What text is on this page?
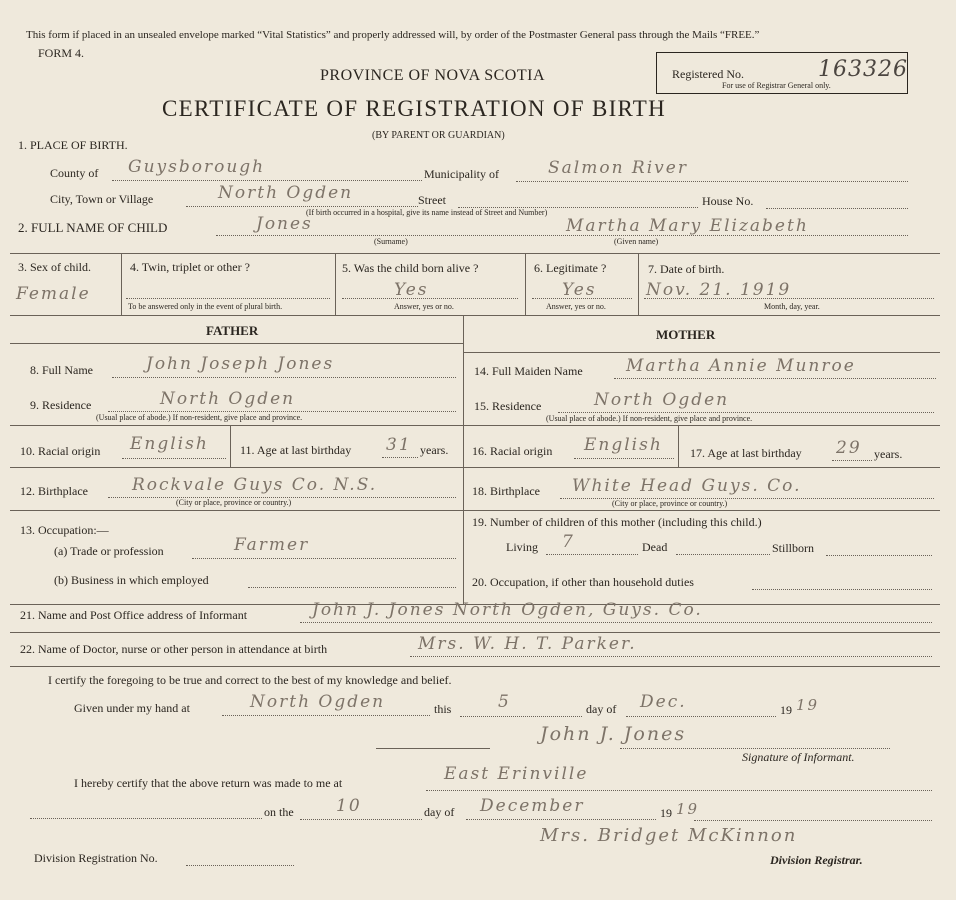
This form if placed in an unsealed envelope marked “Vital Statistics” and properly addressed will, by order of the Postmaster General pass through the Mails “FREE.”
FORM 4.
PROVINCE OF NOVA SCOTIA
CERTIFICATE OF REGISTRATION OF BIRTH
(BY PARENT OR GUARDIAN)
Registered No.	163326
For use of Registrar General only.
1. PLACE OF BIRTH.
County of Guysborough	Municipality of	Salmon River
City, Town or Village	North Ogden	Street	House No.
(If birth occurred in a hospital, give its name instead of Street and Number)
2. FULL NAME OF CHILD	Jones
(Surname)
Martha Mary Elizabeth
(Given name)
3. Sex of child.
Female
4. Twin, triplet or other ?
To be answered only in the event of plural birth.
5. Was the child born alive ?
Yes
Answer, yes or no.
6. Legitimate ?
Yes
Answer, yes or no.
7. Date of birth.
Nov. 21. 1919
Month, day, year.
FATHER
8. Full Name	John Joseph Jones
9. Residence	North Ogden
(Usual place of abode.) If non-resident, give place and province.
10. Racial origin English	11. Age at last birthday 31 years.
12. Birthplace	Rockvale Guys Co. N.S.
(City or place, province or country.)
13. Occupation:—
(a) Trade or profession	Farmer
(b) Business in which employed
MOTHER
14. Full Maiden Name	Martha Annie Munroe
15. Residence	North Ogden
(Usual place of abode.) If non-resident, give place and province.
16. Racial origin English 17. Age at last birthday 29 years.
18. Birthplace White Head Guys. Co.
(City or place, province or country.)
19. Number of children of this mother (including this child.)
Living 7	Dead	Stillborn
20. Occupation, if other than household duties
21. Name and Post Office address of Informant	John J. Jones North Ogden, Guys. Co.
22. Name of Doctor, nurse or other person in attendance at birth	Mrs. W. H. T. Parker.
I certify the foregoing to be true and correct to the best of my knowledge and belief.
Given under my hand at	North Ogden	this	5	day of Dec.	19 19
John J. Jones
Signature of Informant.
I hereby certify that the above return was made to me at	East Erinville
on the 10	day of December	19 19
Mrs. Bridget McKinnon
Division Registration No.	Division Registrar.
